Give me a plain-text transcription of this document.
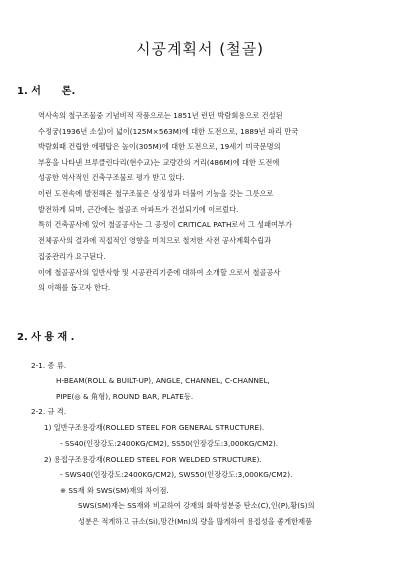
시공계획서 (철골)
1. 서      론.

역사속의 철구조물중 기념비적 작품으로는 1851년 런던 박람회용으로 건설된

수정궁(1936년 소실)이 넓이(125M×563M)에 대한 도전으로, 1889년 파리 만국

박람회때 건립한 에펠탑은 높이(305M)에 대한 도전으로, 19세기 미국문명의

부흥을 나타낸 브루클린다리(현수교)는 교량간의 거리(486M)에 대한 도전에

성공한 역사적인 건축구조물로 평가 받고 있다.

이런 도전속에 발전해온 철구조물은 상징성과 더불어 기능을 갖는 그릇으로

발전하게 되며, 근간에는 철골조 아파트가 건설되기에 이르렀다.

특히 건축공사에 있어 철골공사는 그 공정이 CRITICAL PATH로서 그 성패여부가

전체공사의 결과에 직접적인 영향을 미치므로 철저한 사전 공사계획수립과

집중관리가 요구된다.

이에 철골공사의 일반사항 및 시공관리기준에 대하여 소개할 으로서 철골공사

의 이해를 돕고자 한다.

2. 사 용 재 .

2-1. 종 류.

H-BEAM(ROLL & BUILT-UP), ANGLE, CHANNEL, C-CHANNEL,

PIPE(◎ & 角형), ROUND BAR, PLATE등.

2-2. 규 격.

1) 일반구조용강재(ROLLED STEEL FOR GENERAL STRUCTURE).

- SS40(인장강도:2400KG/CM2), SS50(인장강도:3,000KG/CM2).

2) 용접구조용강재(ROLLED STEEL FOR WELDED STRUCTURE).

- SWS40(인장강도:2400KG/CM2), SWS50(인장강도:3,000KG/CM2).

※ SS재 와 SWS(SM)재의 차이점.

SWS(SM)재는 SS재와 비교하여 강재의 화학성분중 탄소(C),인(P),황(S)의

성분은 적게하고 규소(Si),망간(Mn)의 량을 많게하여 용접성을 좋게한제품
